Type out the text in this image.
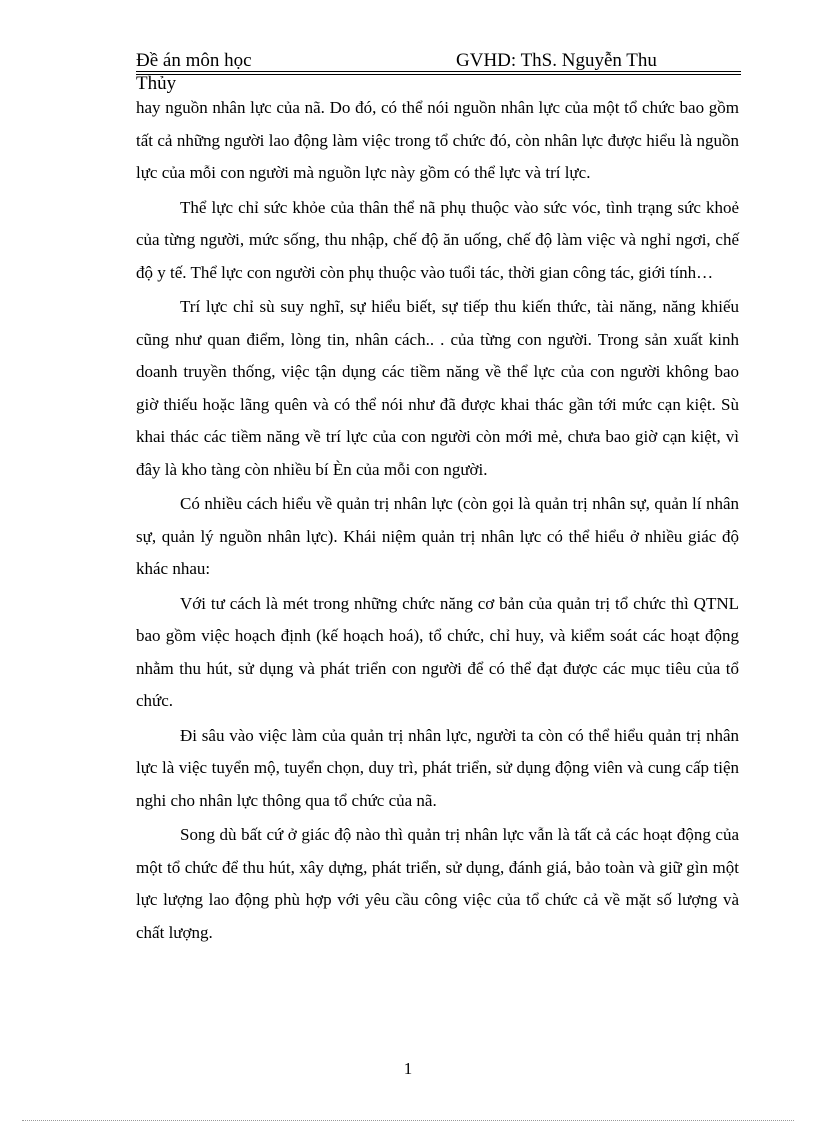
Đề án môn học	GVHD: ThS. Nguyễn Thu
Thủy

hay nguồn nhân lực của nã. Do đó, có thể nói nguồn nhân lực của một tổ chức bao gồm tất cả những người lao động làm việc trong tổ chức đó, còn nhân lực được hiểu là nguồn lực của mỗi con người mà nguồn lực này gồm có thể lực và trí lực.

Thể lực chỉ sức khỏe của thân thể nã phụ thuộc vào sức vóc, tình trạng sức khoẻ của từng người, mức sống, thu nhập, chế độ ăn uống, chế độ làm việc và nghỉ ngơi, chế độ y tế. Thể lực con người còn phụ thuộc vào tuổi tác, thời gian công tác, giới tính…

Trí lực chỉ sù suy nghĩ, sự hiểu biết, sự tiếp thu kiến thức, tài năng, năng khiếu cũng như quan điểm, lòng tin, nhân cách.. . của từng con người. Trong sản xuất kinh doanh truyền thống, việc tận dụng các tiềm năng về thể lực của con người không bao giờ thiếu hoặc lãng quên và có thể nói như đã được khai thác gần tới mức cạn kiệt. Sù khai thác các tiềm năng về trí lực của con người còn mới mẻ, chưa bao giờ cạn kiệt, vì đây là kho tàng còn nhiều bí Èn của mỗi con người.

Có nhiều cách hiểu về quản trị nhân lực (còn gọi là quản trị nhân sự, quản lí nhân sự, quản lý nguồn nhân lực). Khái niệm quản trị nhân lực có thể hiểu ở nhiều giác độ khác nhau:

Với tư cách là mét trong những chức năng cơ bản của quản trị tổ chức thì QTNL bao gồm việc hoạch định (kế hoạch hoá), tổ chức, chỉ huy, và kiểm soát các hoạt động nhằm thu hút, sử dụng và phát triển con người để có thể đạt được các mục tiêu của tổ chức.

Đi sâu vào việc làm của quản trị nhân lực, người ta còn có thể hiểu quản trị nhân lực là việc tuyển mộ, tuyển chọn, duy trì, phát triển, sử dụng động viên và cung cấp tiện nghi cho nhân lực thông qua tổ chức của nã.

Song dù bất cứ ở giác độ nào thì quản trị nhân lực vẫn là tất cả các hoạt động của một tổ chức để thu hút, xây dựng, phát triển, sử dụng, đánh giá, bảo toàn và giữ gìn một lực lượng lao động phù hợp với yêu cầu công việc của tổ chức cả về mặt số lượng và chất lượng.

1
